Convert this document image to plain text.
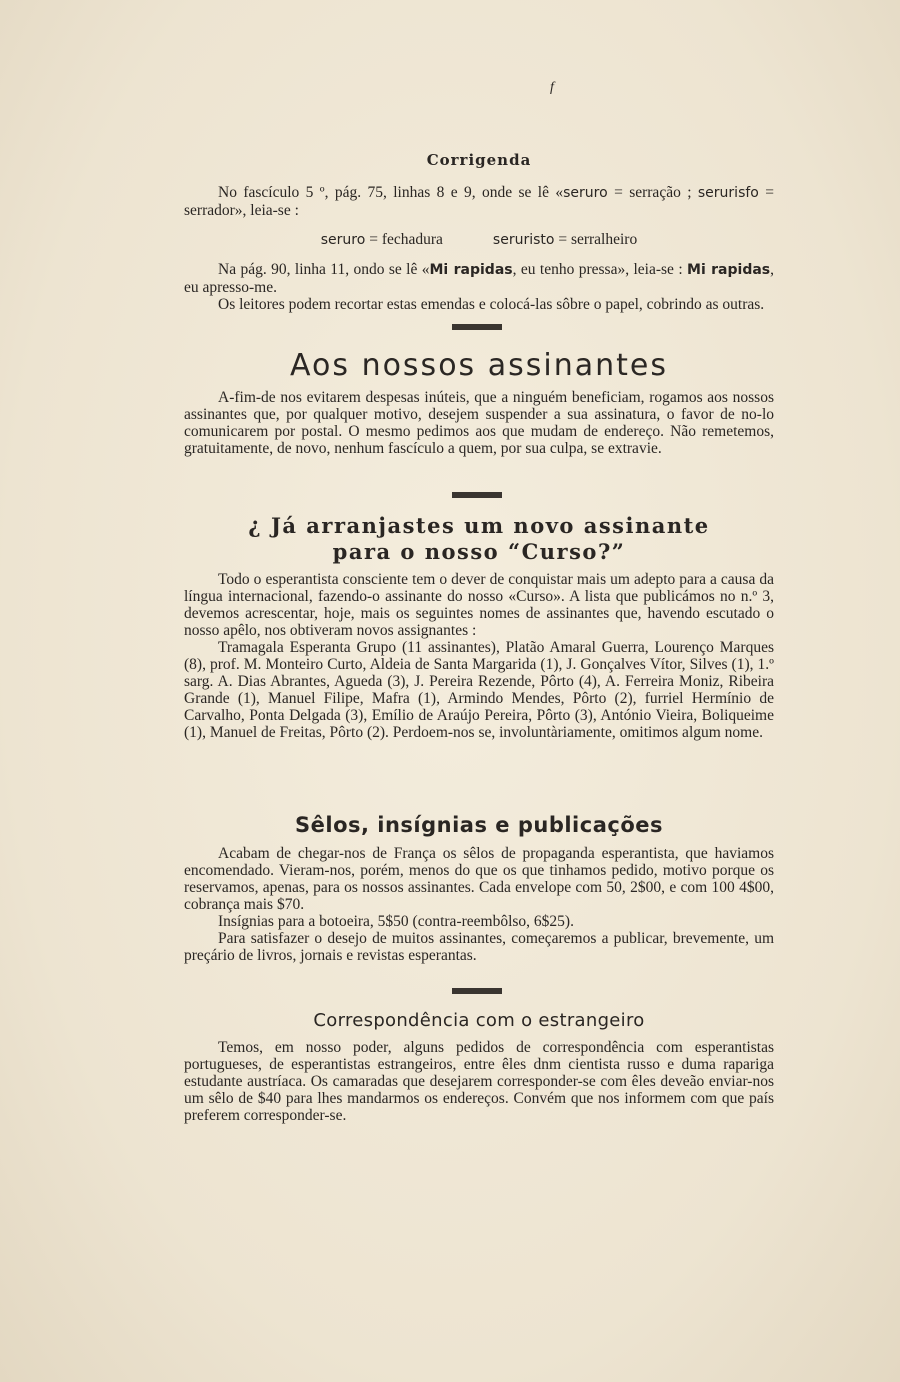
f
Corrigenda

No fascículo 5 º, pág. 75, linhas 8 e 9, onde se lê «seruro = serração ; serurisfo = serrador», leia-se :

seruro = fechadura	seruristo = serralheiro

Na pág. 90, linha 11, ondo se lê «Mi rapidas, eu tenho pressa», leia-se : Mi rapidas, eu apresso-me.

Os leitores podem recortar estas emendas e colocá-las sôbre o papel, cobrindo as outras.

Aos nossos assinantes

A-fim-de nos evitarem despesas inúteis, que a ninguém beneficiam, rogamos aos nossos assinantes que, por qualquer motivo, desejem suspender a sua assinatura, o favor de no-lo comunicarem por postal. O mesmo pedimos aos que mudam de endereço. Não remetemos, gratuitamente, de novo, nenhum fascículo a quem, por sua culpa, se extravie.

¿ Já arranjastes um novo assinante
para o nosso “Curso?”

Todo o esperantista consciente tem o dever de conquistar mais um adepto para a causa da língua internacional, fazendo-o assinante do nosso «Curso». A lista que publicámos no n.º 3, devemos acrescentar, hoje, mais os seguintes nomes de assinantes que, havendo escutado o nosso apêlo, nos obtiveram novos assignantes :

Tramagala Esperanta Grupo (11 assinantes), Platão Amaral Guerra, Lourenço Marques (8), prof. M. Monteiro Curto, Aldeia de Santa Margarida (1), J. Gonçalves Vítor, Silves (1), 1.º sarg. A. Dias Abrantes, Agueda (3), J. Pereira Rezende, Pôrto (4), A. Ferreira Moniz, Ribeira Grande (1), Manuel Filipe, Mafra (1), Armindo Mendes, Pôrto (2), furriel Hermínio de Carvalho, Ponta Delgada (3), Emílio de Araújo Pereira, Pôrto (3), António Vieira, Boliqueime (1), Manuel de Freitas, Pôrto (2). Perdoem-nos se, involuntàriamente, omitimos algum nome.

Sêlos, insígnias e publicações

Acabam de chegar-nos de França os sêlos de propaganda esperantista, que haviamos encomendado. Vieram-nos, porém, menos do que os que tinhamos pedido, motivo porque os reservamos, apenas, para os nossos assinantes. Cada envelope com 50, 2$00, e com 100 4$00, cobrança mais $70.

Insígnias para a botoeira, 5$50 (contra-reembôlso, 6$25).

Para satisfazer o desejo de muitos assinantes, começaremos a publicar, brevemente, um preçário de livros, jornais e revistas esperantas.

Correspondência com o estrangeiro

Temos, em nosso poder, alguns pedidos de correspondência com esperantistas portugueses, de esperantistas estrangeiros, entre êles dnm cientista russo e duma rapariga estudante austríaca. Os camaradas que desejarem corresponder-se com êles deveão enviar-nos um sêlo de $40 para lhes mandarmos os endereços. Convém que nos informem com que país preferem corresponder-se.
